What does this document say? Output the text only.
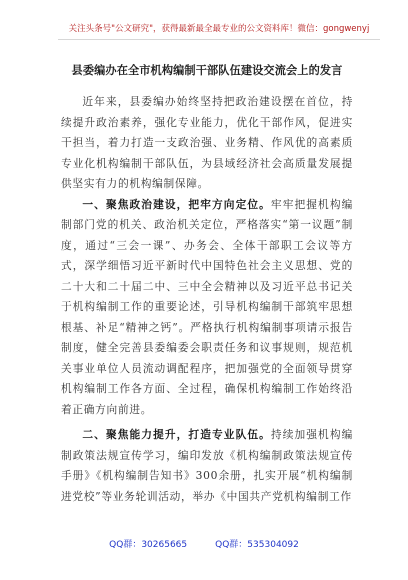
关注头条号"公文研究"，获得最新最全最专业的公文资料库！微信：gongwenyj
县委编办在全市机构编制干部队伍建设交流会上的发言

近年来，县委编办始终坚持把政治建设摆在首位，持续提升政治素养，强化专业能力，优化干部作风，促进实干担当，着力打造一支政治强、业务精、作风优的高素质专业化机构编制干部队伍，为县域经济社会高质量发展提供坚实有力的机构编制保障。

一、聚焦政治建设，把牢方向定位。牢牢把握机构编制部门党的机关、政治机关定位，严格落实“第一议题”制度，通过“三会一课”、办务会、全体干部职工会议等方式，深学细悟习近平新时代中国特色社会主义思想、党的二十大和二十届二中、三中全会精神以及习近平总书记关于机构编制工作的重要论述，引导机构编制干部筑牢思想根基、补足“精神之钙”。严格执行机构编制事项请示报告制度，健全完善县委编委会职责任务和议事规则，规范机关事业单位人员流动调配程序，把加强党的全面领导贯穿机构编制工作各方面、全过程，确保机构编制工作始终沿着正确方向前进。

二、聚焦能力提升，打造专业队伍。持续加强机构编制政策法规宣传学习，编印发放《机构编制政策法规宣传手册》《机构编制告知书》300余册，扎实开展“机构编制进党校”等业务轮训活动，举办《中国共产党机构编制工作

QQ群：30265665	QQ群：535304092
